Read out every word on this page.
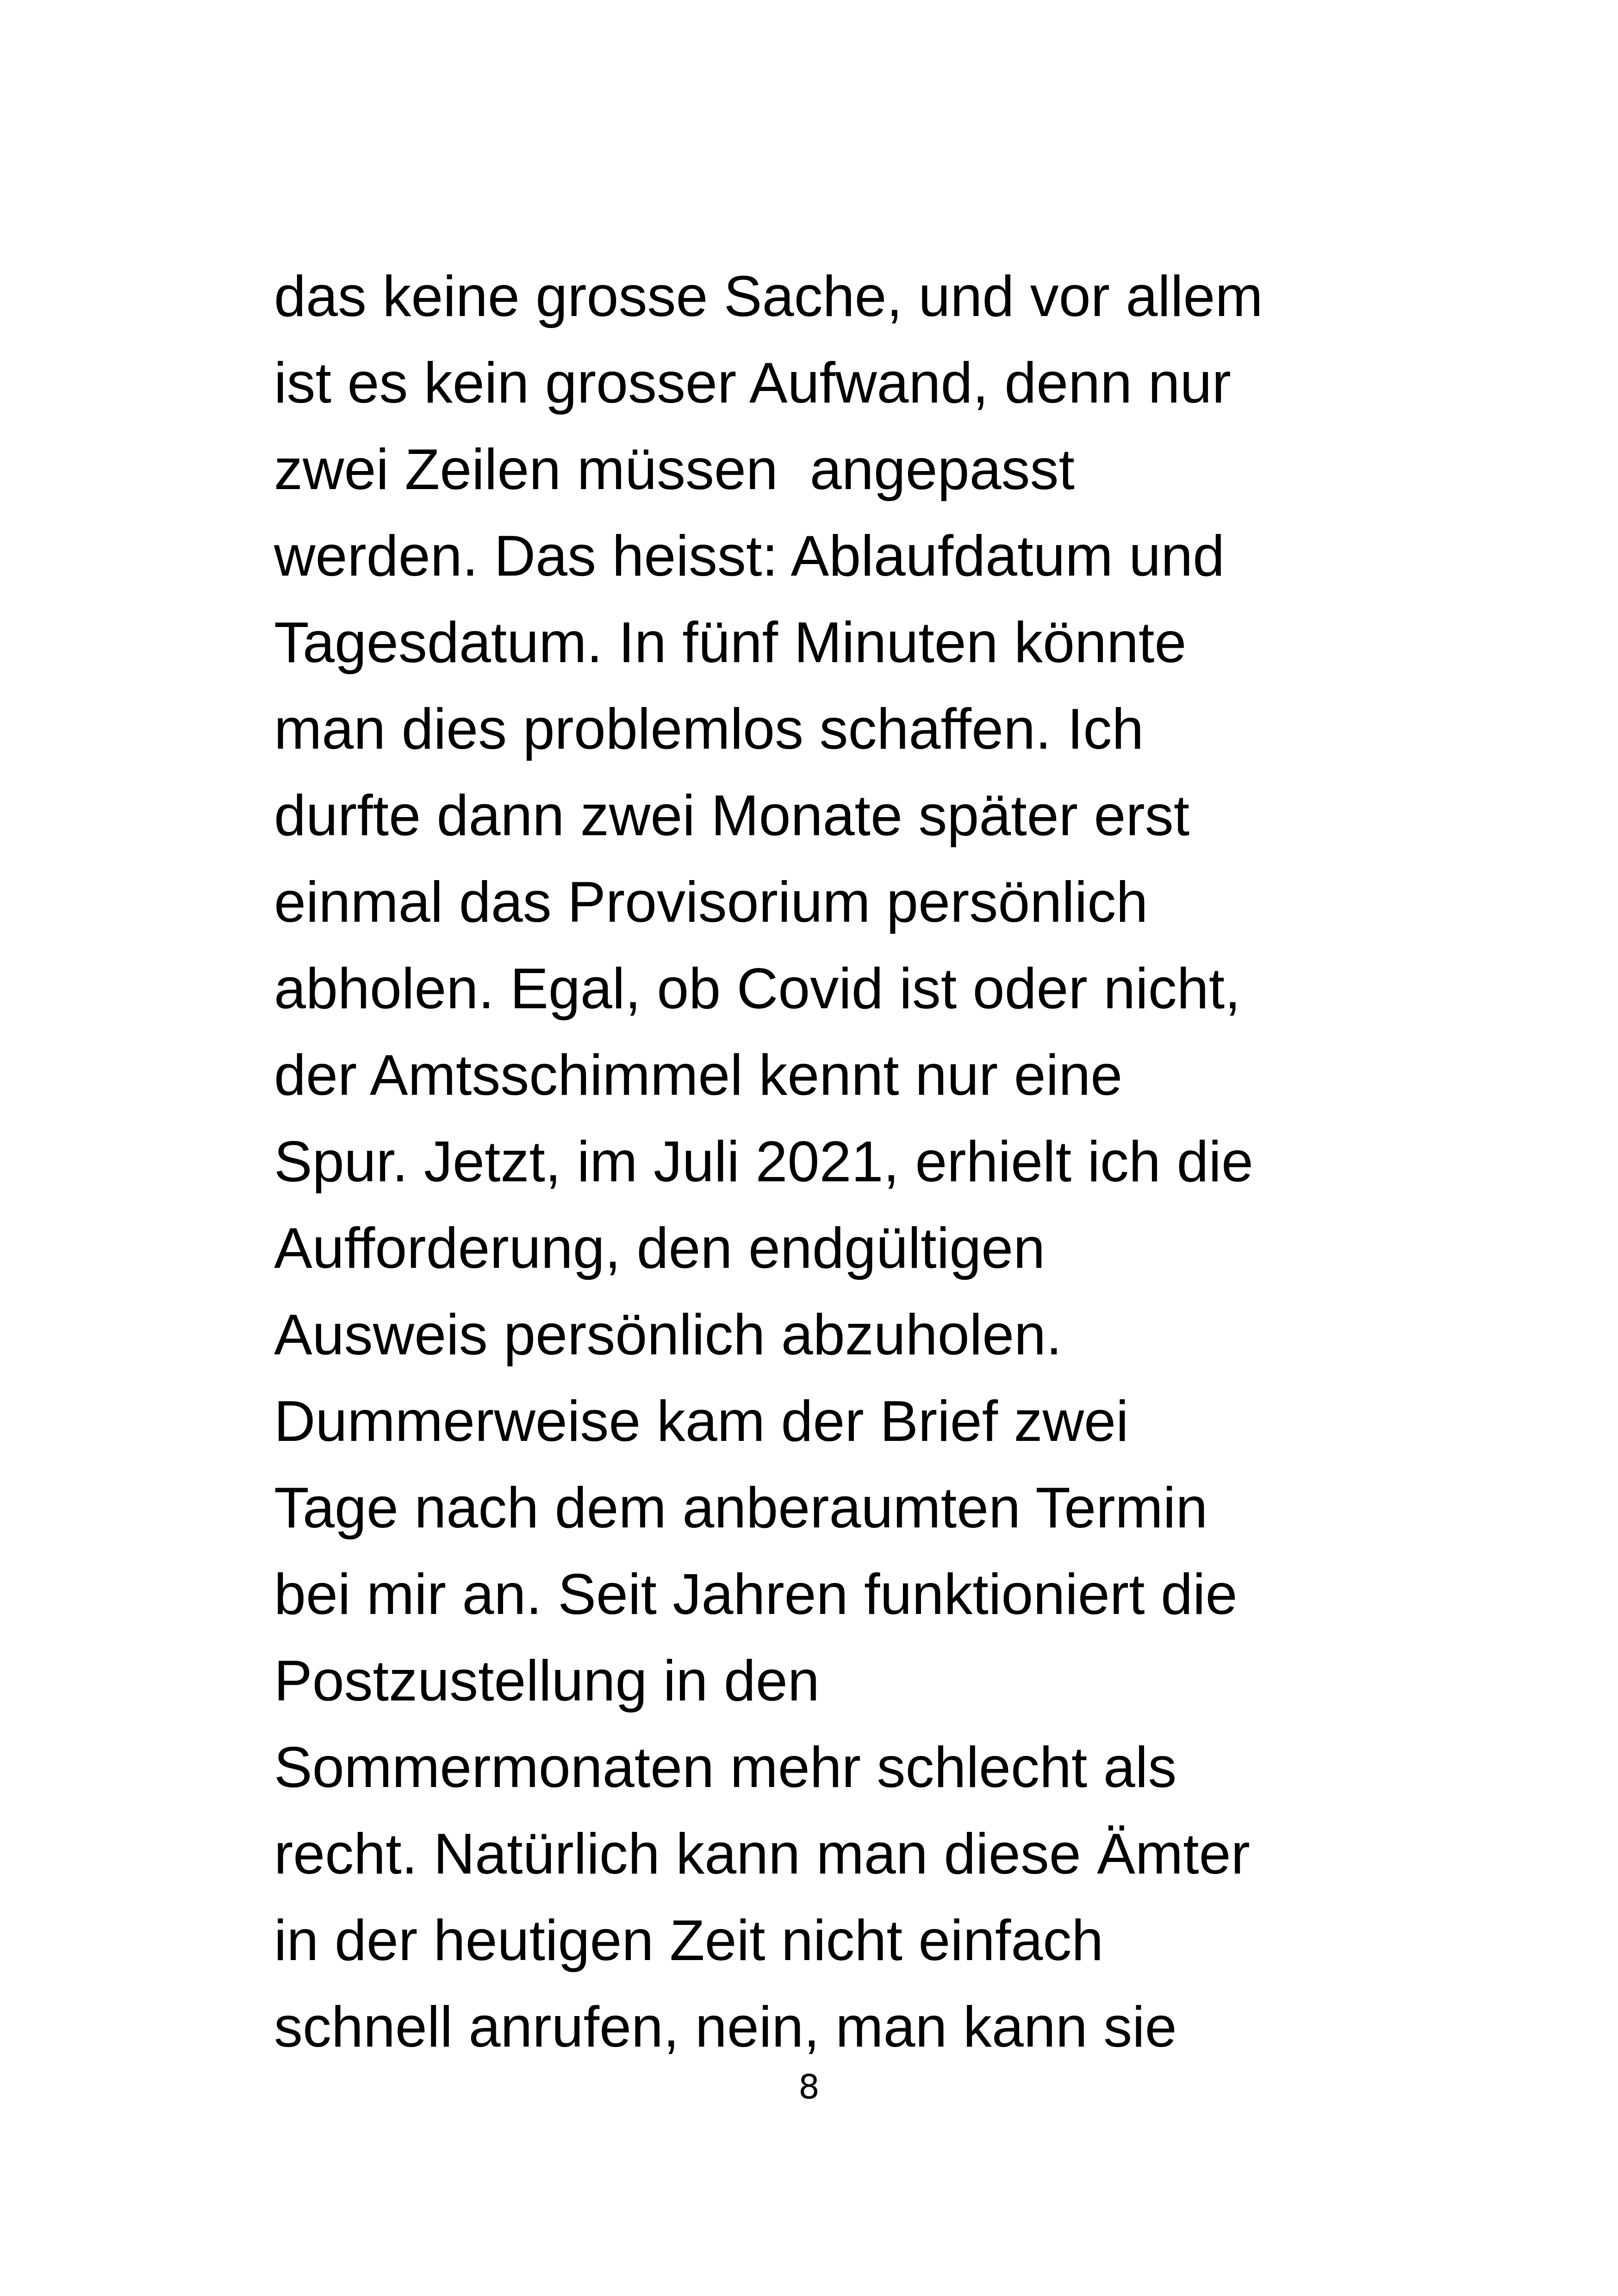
das keine grosse Sache, und vor allem
ist es kein grosser Aufwand, denn nur
zwei Zeilen müssen  angepasst
werden. Das heisst: Ablaufdatum und
Tagesdatum. In fünf Minuten könnte
man dies problemlos schaffen. Ich
durfte dann zwei Monate später erst
einmal das Provisorium persönlich
abholen. Egal, ob Covid ist oder nicht,
der Amtsschimmel kennt nur eine
Spur. Jetzt, im Juli 2021, erhielt ich die
Aufforderung, den endgültigen
Ausweis persönlich abzuholen.
Dummerweise kam der Brief zwei
Tage nach dem anberaumten Termin
bei mir an. Seit Jahren funktioniert die
Postzustellung in den
Sommermonaten mehr schlecht als
recht. Natürlich kann man diese Ämter
in der heutigen Zeit nicht einfach
schnell anrufen, nein, man kann sie
8
